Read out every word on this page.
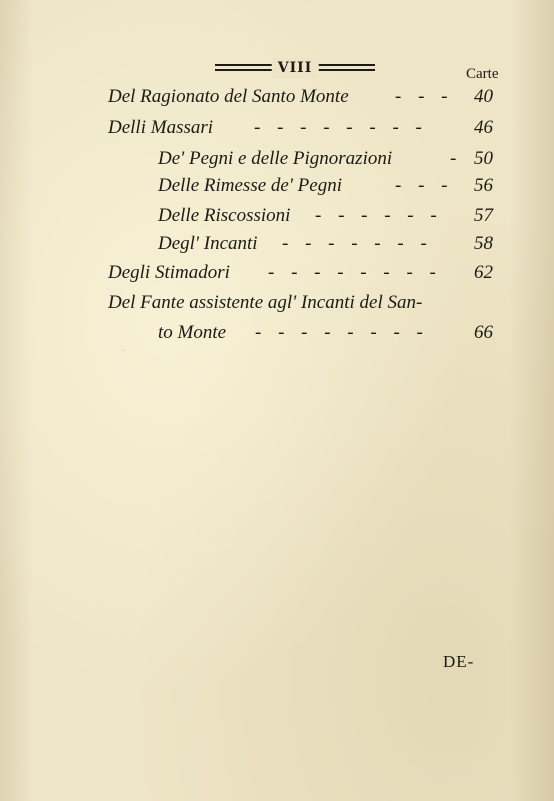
·
VIII	Carte
Del Ragionato del Santo Monte - - - 40
Delli Massari - - - - - - - - 46
De' Pegni e delle Pignorazioni	- 50
Delle Rimesse de' Pegni	- - - 56
Delle Riscossioni - - - - - - 57
Degl' Incanti - - - - - - - 58
Degli Stimadori - - - - - - - - 62
Del Fante assistente agl' Incanti del San-
to Monte - - - - - - - - 66
DE-
